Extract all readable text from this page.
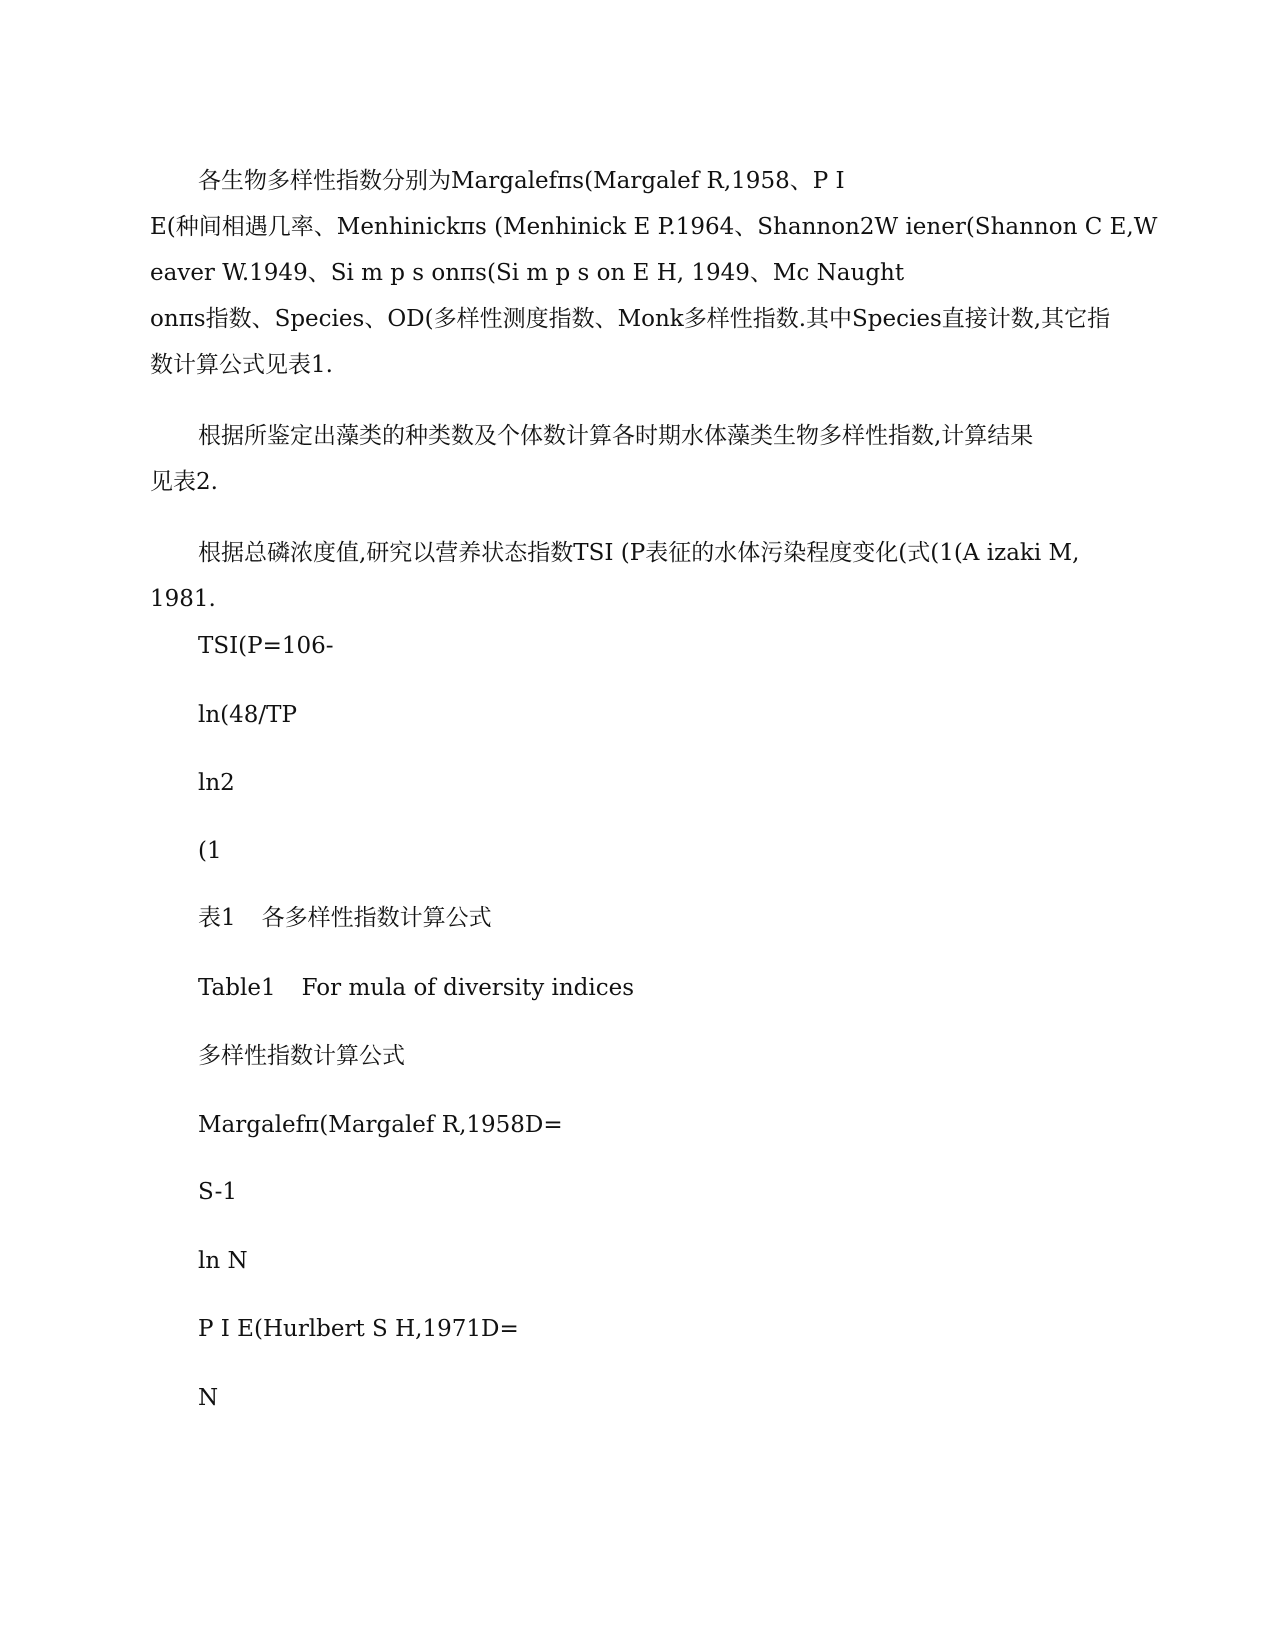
各生物多样性指数分别为Margalefπs(Margalef R,1958、P I
E(种间相遇几率、Menhinickπs (Menhinick E P.1964、Shannon2W iener(Shannon C E,W
eaver W.1949、Si m p s onπs(Si m p s on E H, 1949、Mc Naught
onπs指数、Species、OD(多样性测度指数、Monk多样性指数.其中Species直接计数,其它指
数计算公式见表1.

根据所鉴定出藻类的种类数及个体数计算各时期水体藻类生物多样性指数,计算结果
见表2.

根据总磷浓度值,研究以营养状态指数TSI (P表征的水体污染程度变化(式(1(A izaki M,
1981.

TSI(P=106-

ln(48/TP

ln2

(1

表1 各多样性指数计算公式

Table1 For mula of diversity indices

多样性指数计算公式

Margalefπ(Margalef R,1958D=

S-1

ln N

P I E(Hurlbert S H,1971D=

N
